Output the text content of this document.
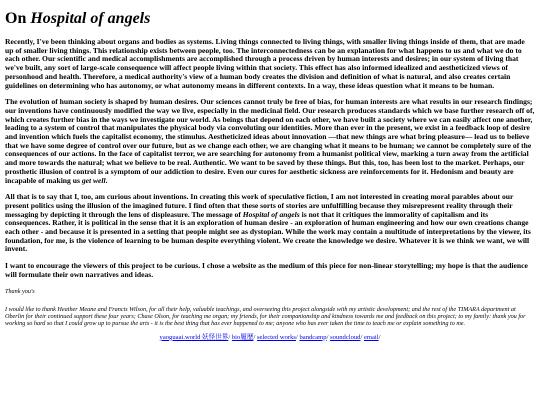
On Hospital of angels

Recently, I've been thinking about organs and bodies as systems. Living things connected to living things, with smaller living things inside of them, that are made up of smaller living things. This relationship exists between people, too. The interconnectedness can be an explanation for what happens to us and what we do to each other. Our scientific and medical accomplishments are accomplished through a process driven by human interests and desires; in our system of living that we've built, any sort of large-scale consequence will affect people living within that society. This effect has also informed idealized and aestheticized views of personhood and health. Therefore, a medical authority's view of a human body creates the division and definition of what is natural, and also creates certain guidelines on determining who has autonomy, or what autonomy means in different contexts. In a way, these ideas question what it means to be human.

The evolution of human society is shaped by human desires. Our sciences cannot truly be free of bias, for human interests are what results in our research findings; our inventions have continuously modified the way we live, especially in the medicinal field. Our research produces standards which we base further research off of, which creates further bias in the ways we investigate our world. As beings that depend on each other, we have built a society where we can easily affect one another, leading to a system of control that manipulates the physical body via convoluting our identities. More than ever in the present, we exist in a feedback loop of desire and invention which fuels the capitalist economy, the stimulus. Aestheticized ideas about innovation —that new things are what bring pleasure— lead us to believe that we have some degree of control over our future, but as we change each other, we are changing what it means to be human; we cannot be completely sure of the consequences of our actions. In the face of capitalist terror, we are searching for autonomy from a humanist political view, marking a turn away from the artificial and more towards the natural; what we believe to be real. Authentic. We want to be saved by these things. But this, too, has been lost to the market. Perhaps, our prosthetic illusion of control is a symptom of our addiction to desire. Even our cures for aesthetic sickness are reinforcements for it. Hedonism and beauty are incapable of making us get well.

All that is to say that I, too, am curious about inventions. In creating this work of speculative fiction, I am not interested in creating moral parables about our present politics using the illusion of the imagined future. I find often that these sorts of stories are unfulfilling because they misrepresent reality through their messaging by depicting it through the lens of displeasure. The message of Hospital of angels is not that it critiques the immorality of capitalism and its consequences. Rather, it is political in the sense that it is an exploration of human desire - an exploration of human engineering and how our own creations change each other - and because it is presented in a setting that people might see as dystopian. While the work may contain a multitude of interpretations by the viewer, its foundation, for me, is the violence of learning to be human despite everything violent. We create the knowledge we desire. Whatever it is we think we want, we will invent.

I want to encourage the viewers of this project to be curious. I chose a website as the medium of this piece for non-linear storytelling; my hope is that the audience will formulate their own narratives and ideas.

Thank you's

I would like to thank Heather Meane and Francis Wilson, for all their help, valuable teachings, and overseeing this project alongside with my artistic development; and the rest of the TIMARA department at Oberlin for their continued support these four years; Chase Olson, for teaching me organ; my friends, for their companionship and kindness towards me and feedback on this project; to my family: thank you for working so hard so that I could grow up to pursue the arts - it is the best thing that has ever happened to me; anyone who has ever taken the time to teach me or explain something to me.

yaoguaai.world 妖怪世界/ bio履歷/ selected works/ bandcamp/ soundcloud/ email/
